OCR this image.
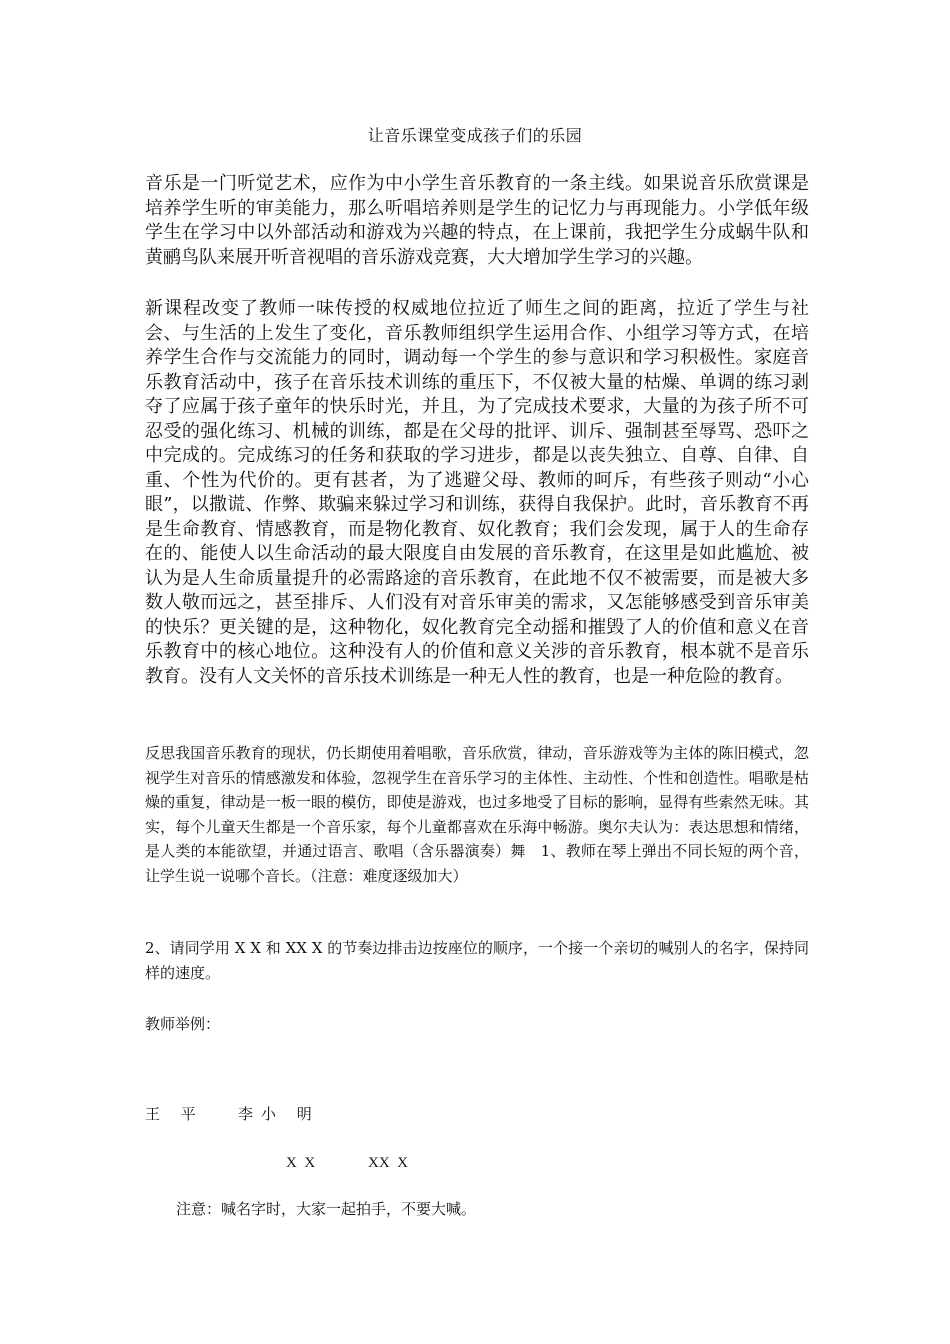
让音乐课堂变成孩子们的乐园
音乐是一门听觉艺术，应作为中小学生音乐教育的一条主线。如果说音乐欣赏课是培养学生听的审美能力，那么听唱培养则是学生的记忆力与再现能力。小学低年级学生在学习中以外部活动和游戏为兴趣的特点，在上课前，我把学生分成蜗牛队和黄鹂鸟队来展开听音视唱的音乐游戏竞赛，大大增加学生学习的兴趣。
新课程改变了教师一味传授的权威地位拉近了师生之间的距离，拉近了学生与社会、与生活的上发生了变化，音乐教师组织学生运用合作、小组学习等方式，在培养学生合作与交流能力的同时，调动每一个学生的参与意识和学习积极性。家庭音乐教育活动中，孩子在音乐技术训练的重压下，不仅被大量的枯燥、单调的练习剥夺了应属于孩子童年的快乐时光，并且，为了完成技术要求，大量的为孩子所不可忍受的强化练习、机械的训练，都是在父母的批评、训斥、强制甚至辱骂、恐吓之中完成的。完成练习的任务和获取的学习进步，都是以丧失独立、自尊、自律、自重、个性为代价的。更有甚者，为了逃避父母、教师的呵斥，有些孩子则动“小心眼”，以撒谎、作弊、欺骗来躲过学习和训练，获得自我保护。此时，音乐教育不再是生命教育、情感教育，而是物化教育、奴化教育；我们会发现，属于人的生命存在的、能使人以生命活动的最大限度自由发展的音乐教育，在这里是如此尴尬、被认为是人生命质量提升的必需路途的音乐教育，在此地不仅不被需要，而是被大多数人敬而远之，甚至排斥、人们没有对音乐审美的需求，又怎能够感受到音乐审美的快乐？更关键的是，这种物化，奴化教育完全动摇和摧毁了人的价值和意义在音乐教育中的核心地位。这种没有人的价值和意义关涉的音乐教育，根本就不是音乐教育。没有人文关怀的音乐技术训练是一种无人性的教育，也是一种危险的教育。
反思我国音乐教育的现状，仍长期使用着唱歌，音乐欣赏，律动，音乐游戏等为主体的陈旧模式，忽视学生对音乐的情感激发和体验，忽视学生在音乐学习的主体性、主动性、个性和创造性。唱歌是枯燥的重复，律动是一板一眼的模仿，即使是游戏，也过多地受了目标的影响，显得有些索然无味。其实，每个儿童天生都是一个音乐家，每个儿童都喜欢在乐海中畅游。奥尔夫认为：表达思想和情绪，是人类的本能欲望，并通过语言、歌唱（含乐器演奏）舞　1、教师在琴上弹出不同长短的两个音，让学生说一说哪个音长。（注意：难度逐级加大）
2、请同学用 X X 和 XX X 的节奏边排击边按座位的顺序，一个接一个亲切的喊别人的名字，保持同样的速度。
教师举例：
王 平 李小 明
X  X	XX  X
注意：喊名字时，大家一起拍手，不要大喊。
